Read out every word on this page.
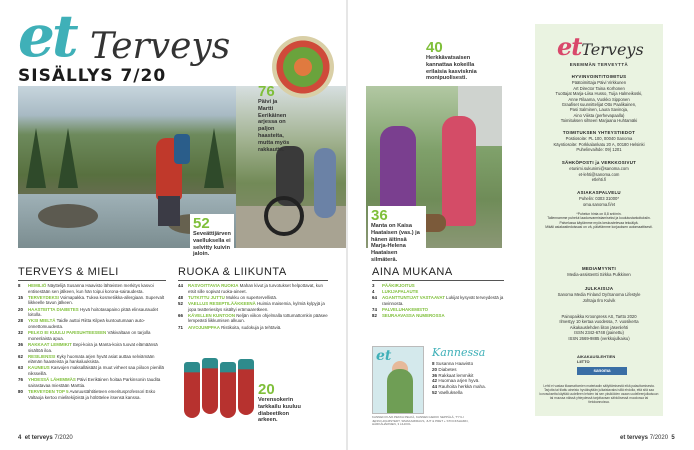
et Terveys
SISÄLLYS 7/20
52
Seveättijärven vaelluksella ei selvitty kuivin jaloin.
76
Päivi ja Martti Eerikäinen arjessa on paljon haasteita, mutta myös rakkautta.
20
Verensokerin tarkkailu kuuluu diabeetikon arkeen.
TERVEYS & MIELI
8	HEMILIÖ Näyttelijä Susanna Haavisto lähteisten merkitys kasvoi entisestään sen jälkeen, kun hän toipui korona-sairaudesta.
15	TERVEYDEKSI Voimapakka. Tukea kosmetiikka-allergiaan. Supervalt liikkeelle tavun jälkeen.
20	HAASTEITTA DIABETES Hyvä hoitotasapaino pitää elinsauraudet loitolla.
28	YKSI MIELTÄ Taidle auttoi Riitta Kilpeä kuntoutumaan auto-onnettomuudesta.
32	PELKO EI KUULU PARISUHTEESEEN Väkivaltaan on tarjolla monenlaista apua.
36	RAKKAAT LEMMIKIT Eepi-koira ja Manta-koira tuovat elämäänsä sisältöä iloa.
62	RESILIENSSI Kyky huomata arjen hyvät asiat auttaa selviämään elämän haasteista ja hankaluuksista.
63	KAUNEUS Kasvojen maksalläisäät ja muut virheet saa piiloon pienillä niksseillä.
76	YHDESSÄ LÄHEMMÄS Päivi Eerikäinen hoitaa Parkinsonin taudita sairastavaa miestään Marttia.
80	TERVEYDEN TOP 5 Avaruustähtitieteen emeritusprofessori Esko Valtaoja kertoo mielitekijöistä ja hölöttelee itsensä kanssa.
RUOKA & LIIKUNTA
44	RASVOITTAVIA RUOKIA Mahan kivut ja turvotukset helpottavat, kun etsit sille sopivat ruoka-aineet.
48	TUTKITTU JUTTU Mukku on supertervellistä.
52	VAELLUS RESEPTILÄÄKKEENÄ Huimia maisemia, kylmiä kylpyjä ja jopa teatteriesitys sisältyi erämaaretkeen.
66	KÄVELLEN KUNTOON Neljän viikon ohjelmalla tottumattomkin pääsee lempeästi liikkumisen alkuun.
71	AIVOJUMPPAA Ristikoita, sudokuja ja tehtäviä.
4 et terveys 7/2020
40
Herkkävatsaisen kannattaa kokeilla erilaisia kasvisknia monipuolisesti.
36
Manta on Kaisa Haataisen (vas.) ja hänen äitinsä Marja-Helena Haataisen silmäterä.
AINA MUKANA
3	PÄÄKIRJOITUS
4	LUKIJAPALAUTE
64	AGANTTUNTIJAT VASTAAVAT Lukijat kysyvät terveydestä ja ravinnosta.
74	PALVELUHAKEMISTO
82	SEURAAVASSA NUMEROSSA
et
KANNEN KUVA PEKKA PELKÄ, KANNEN HEIKKI SEPPÄLÄ, TYYLI JENNI HOLMSTEDT, SIMAKAMIRAUS, JUT & PRET + STOCKSHAMN, HÄRKÄHÄRNIEN, 3 LIHOOL
Kannessa
8 Susanna Haavisto
20 Diabetes
36 Rakkaat lemmikit
42 Huomaa arjen hyvä.
44 Rauhoita herkkä maha.
52 Vaelluksella
etTerveys
ENEMMÄN TERVEYTTÄ
HYVINVOINTITOIMITUS
Päätoimittaja Päivi Virkkunen
Art Director Taina Korhonen
Tuottajat Marja-Liisa Husso, Tuija Halmeikoski,
Anne Rilaama, Vuokko Sipponen
Graafiset suunnittelijat Otto Paalikainen,
Pasi Salminen, Laura Savinoja,
Aino Viiista (perhevapaalla)
Toimituksen sihteeri Marjaana Huhtamäki
TOIMITUKSEN YHTEYSTIEDOT
Postiosoite: PL 100, 00040 Sanoma
Käyntiosoite: Porkkalankatu 20 A, 00180 Helsinki
Puhelinvaihde: 09) 1201
SÄHKÖPOSTI ja VERKKOSIVUT
etunimi.sukunimi@sanoma.com
et-lehti@sanoma.com
etlehti.fi
ASIAKASPALVELU
Puhelin: 0303 31000*
oma.sanoma.fi/et
*Puhelun hinta on 8,8 snt/min.
Tallennamme puhelut laadunvarmistamiseksi ja koulutustarkoituksiin. Palvelussa käytämme myös keskustelevaa tekoälyä.
Mikäli asiakastiedoissasi on vä, päivitämme korjauksen automaattisesti.
MEDIAMYYNTI
Media-assistentti Sirkka Pulkkinen
JULKAISIJA
Sanoma Media Finland Oy/Sanoma Lifestyle
Johtaja Ilro Kulvik
Painopaikka Kroonpress AS, Tartto 2020
Ilmestyy 10 kertaa vuodessa, 7. vuosikerta
Aikakauslehden liiton jäsenlehti
ISSN 2342-6748 (painettu)
ISSN 2669-9885 (verkkojulkaisu)
AIKAKAUSLEHTIEN LIITTO
sanoma
Lehti ei vastaa tilaamattomien materiaalin säilyttämisestä eikä palauttamisesta. Tarjotta tai tilattu aineisto hyväksytään julkaistavaksi sillä ehdolla, että sitä saa korvauksetta käyttää uudelleen lehden tai sen yksiköiden osaan uudelleenjulkaisuun tai muussa näissä yhteydessä tarjottavaan sähköisessä muodossa tai tietokannoissa.
et terveys 7/2020 5
